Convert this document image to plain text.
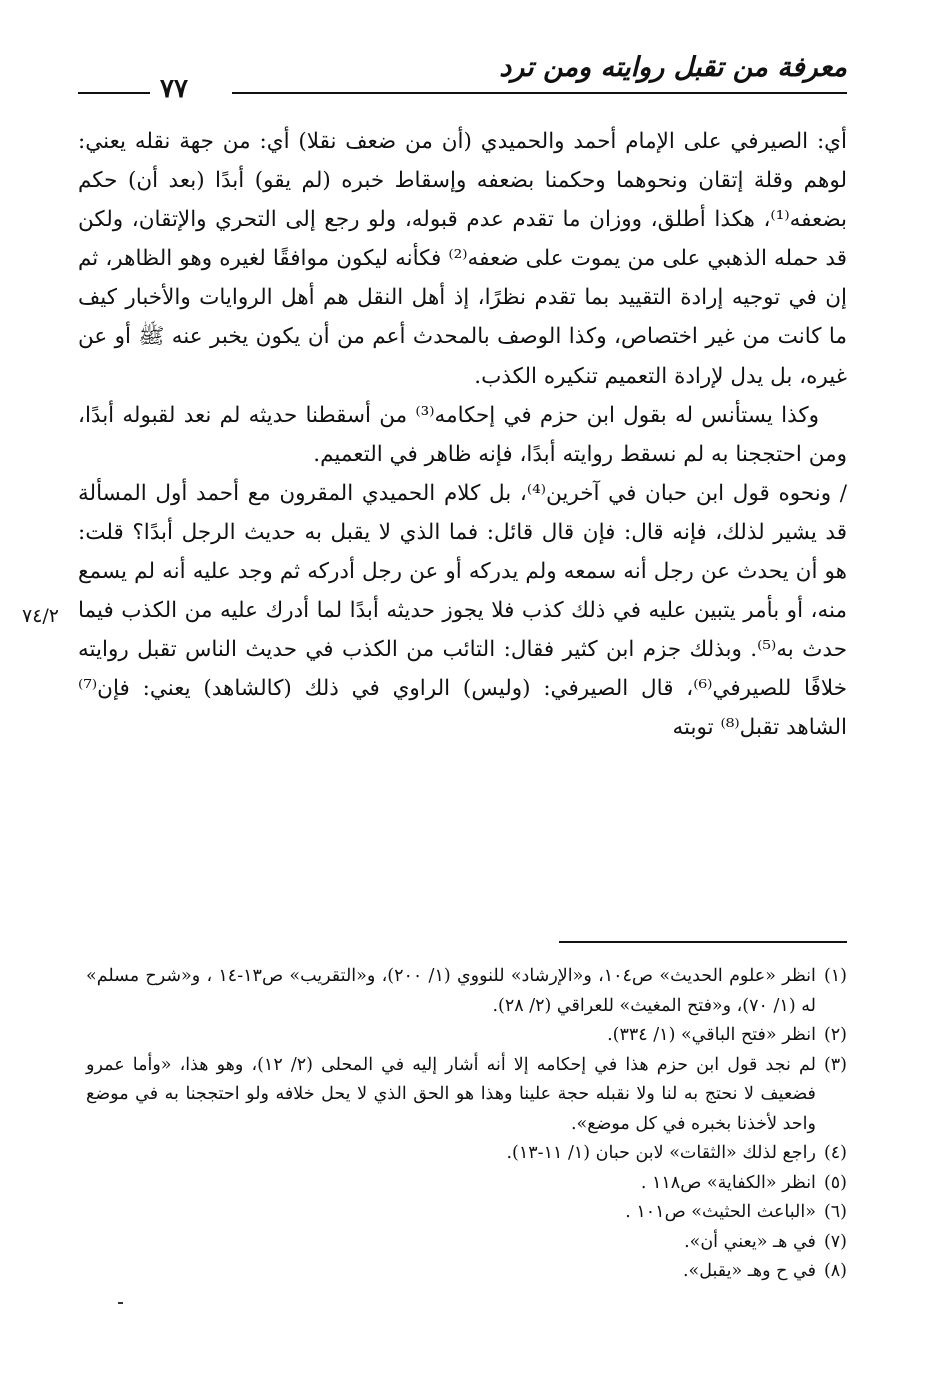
معرفة من تقبل روايته ومن ترد
٧٧

أي: الصيرفي على الإمام أحمد والحميدي (أن من ضعف نقلا) أي: من جهة نقله يعني: لوهم وقلة إتقان ونحوهما وحكمنا بضعفه وإسقاط خبره (لم يقو) أبدًا (بعد أن) حكم بضعفه⁽¹⁾، هكذا أطلق، ووزان ما تقدم عدم قبوله، ولو رجع إلى التحري والإتقان، ولكن قد حمله الذهبي على من يموت على ضعفه⁽²⁾ فكأنه ليكون موافقًا لغيره وهو الظاهر، ثم إن في توجيه إرادة التقييد بما تقدم نظرًا، إذ أهل النقل هم أهل الروايات والأخبار كيف ما كانت من غير اختصاص، وكذا الوصف بالمحدث أعم من أن يكون يخبر عنه ﷺ أو عن غيره، بل يدل لإرادة التعميم تنكيره الكذب.

وكذا يستأنس له بقول ابن حزم في إحكامه⁽³⁾ من أسقطنا حديثه لم نعد لقبوله أبدًا، ومن احتججنا به لم نسقط روايته أبدًا، فإنه ظاهر في التعميم.

/ ونحوه قول ابن حبان في آخرين⁽⁴⁾، بل كلام الحميدي المقرون مع أحمد أول المسألة قد يشير لذلك، فإنه قال: فإن قال قائل: فما الذي لا يقبل به حديث الرجل أبدًا؟ قلت: هو أن يحدث عن رجل أنه سمعه ولم يدركه أو عن رجل أدركه ثم وجد عليه أنه لم يسمع منه، أو بأمر يتبين عليه في ذلك كذب فلا يجوز حديثه أبدًا لما أدرك عليه من الكذب فيما حدث به⁽⁵⁾. وبذلك جزم ابن كثير فقال: التائب من الكذب في حديث الناس تقبل روايته خلافًا للصيرفي⁽⁶⁾، قال الصيرفي: (وليس) الراوي في ذلك (كالشاهد) يعني: فإن⁽⁷⁾ الشاهد تقبل⁽⁸⁾ توبته

٧٤/٢
(١)
انظر «علوم الحديث» ص١٠٤، و«الإرشاد» للنووي (١/ ٢٠٠)، و«التقريب» ص١٣-١٤ ، و«شرح مسلم» له (١/ ٧٠)، و«فتح المغيث» للعراقي (٢/ ٢٨).
(٢)
انظر «فتح الباقي» (١/ ٣٣٤).
(٣)
لم نجد قول ابن حزم هذا في إحكامه إلا أنه أشار إليه في المحلى (٢/ ١٢)، وهو هذا، «وأما عمرو فضعيف لا نحتج به لنا ولا نقبله حجة علينا وهذا هو الحق الذي لا يحل خلافه ولو احتججنا به في موضع واحد لأخذنا بخبره في كل موضع».
(٤)
راجع لذلك «الثقات» لابن حبان (١/ ١١-١٣).
(٥)
انظر «الكفاية» ص١١٨ .
(٦)
«الباعث الحثيث» ص١٠١ .
(٧)
في هـ «يعني أن».
(٨)
في ح وهـ «يقبل».
